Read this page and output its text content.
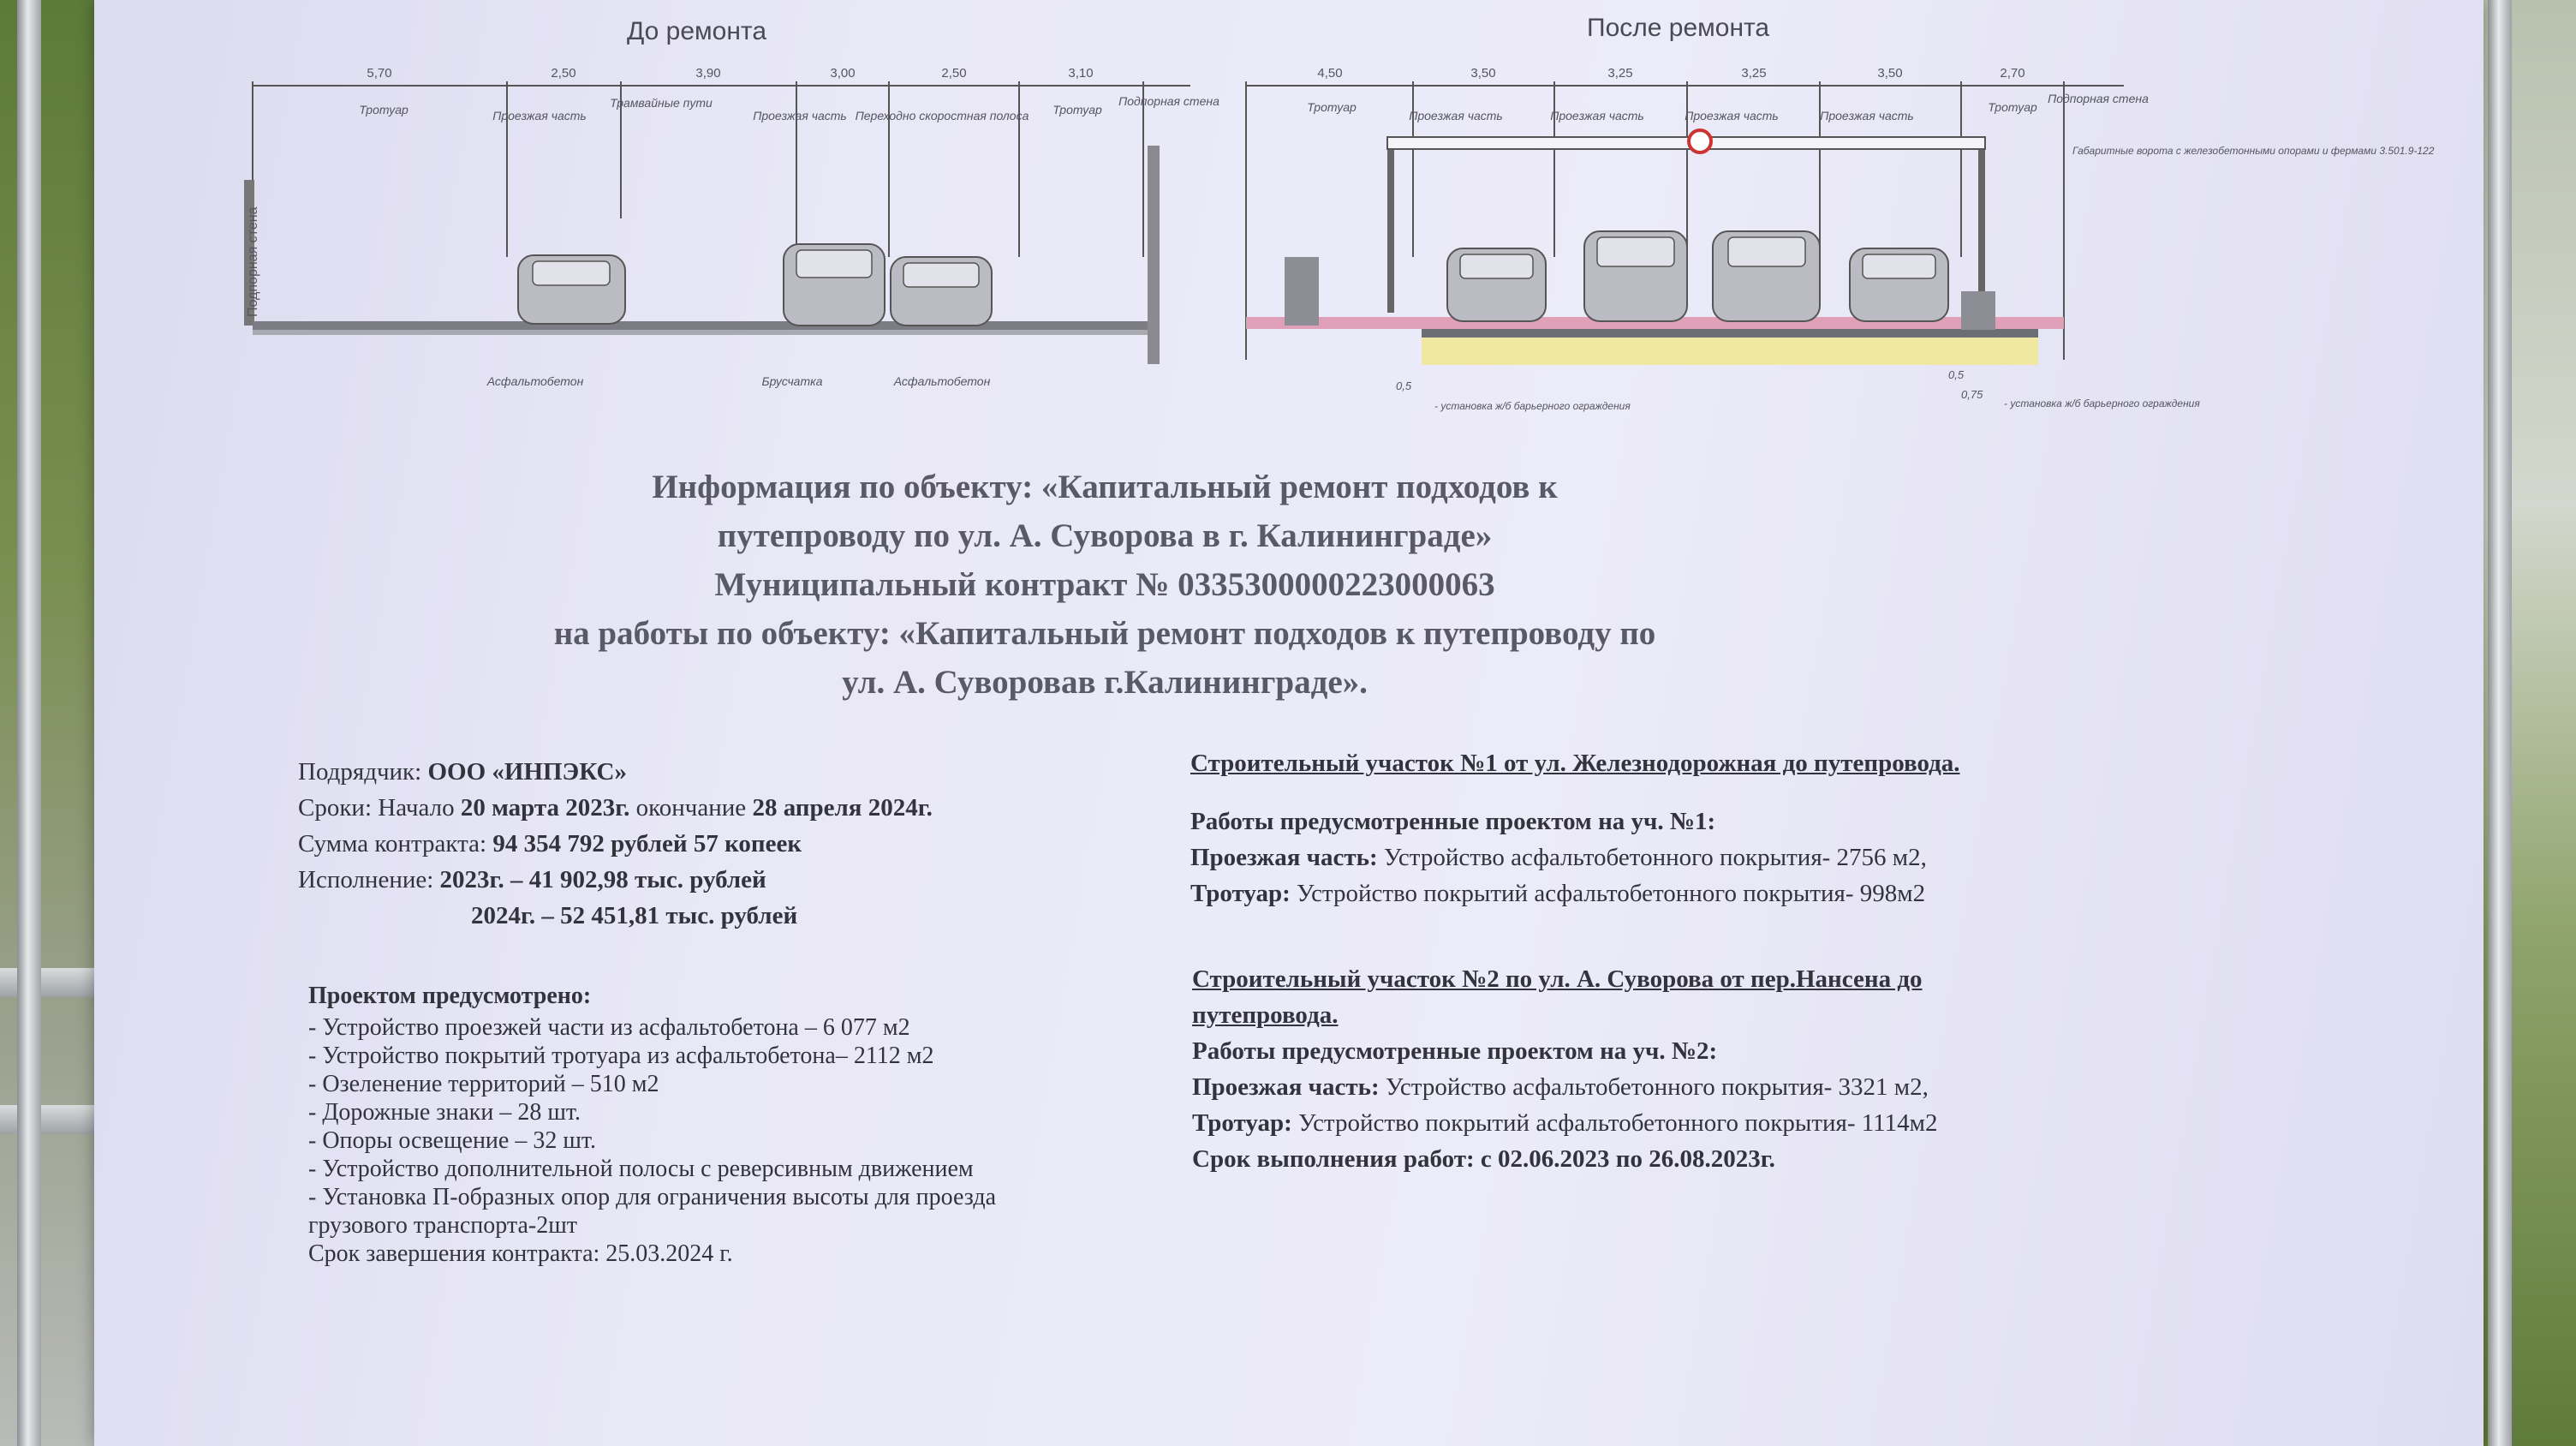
5,70	2,50	3,90	3,00	2,50	3,10
Тротуар	Проезжая часть
Трамвайные пути
Проезжая часть Переходно скоростная полоса Тротуар
Подпорная стена
Подпорная стена
Асфальтобетон	Брусчатка	Асфальтобетон
4,50	3,50	3,25	3,25	3,50	2,70
Тротуар
Проезжая часть	Проезжая часть	Проезжая часть	Проезжая часть
Тротуар
Подпорная стена
Габаритные ворота с железобетонными опорами и фермами 3.501.9-122
0,5
0,5
0,75
- установка ж/б барьерного ограждения	- установка ж/б барьерного ограждения
До ремонта	После ремонта
Информация по объекту: «Капитальный ремонт подходов к
путепроводу по ул. А. Суворова в г. Калининграде»
Муниципальный контракт № 0335300000223000063
на работы по объекту: «Капитальный ремонт подходов к путепроводу по
ул. А. Суворовав г.Калининграде».
Подрядчик: ООО «ИНПЭКС»
Сроки: Начало 20 марта 2023г. окончание 28 апреля 2024г.
Сумма контракта: 94 354 792 рублей 57 копеек
Исполнение: 2023г. – 41 902,98 тыс. рублей
2024г. – 52 451,81 тыс. рублей
Проектом предусмотрено:
- Устройство проезжей части из асфальтобетона – 6 077 м2
- Устройство покрытий тротуара из асфальтобетона– 2112 м2
- Озеленение территорий – 510 м2
- Дорожные знаки – 28 шт.
- Опоры освещение – 32 шт.
- Устройство дополнительной полосы с реверсивным движением
- Установка П-образных опор для ограничения высоты для проезда
грузового транспорта-2шт
Срок завершения контракта: 25.03.2024 г.
Строительный участок №1 от ул. Железнодорожная до путепровода.
Работы предусмотренные проектом на уч. №1:
Проезжая часть: Устройство асфальтобетонного покрытия- 2756 м2,
Тротуар: Устройство покрытий асфальтобетонного покрытия- 998м2
Строительный участок №2 по ул. А. Суворова от пер.Нансена до
путепровода.
Работы предусмотренные проектом на уч. №2:
Проезжая часть: Устройство асфальтобетонного покрытия- 3321 м2,
Тротуар: Устройство покрытий асфальтобетонного покрытия- 1114м2
Срок выполнения работ: с 02.06.2023 по 26.08.2023г.
